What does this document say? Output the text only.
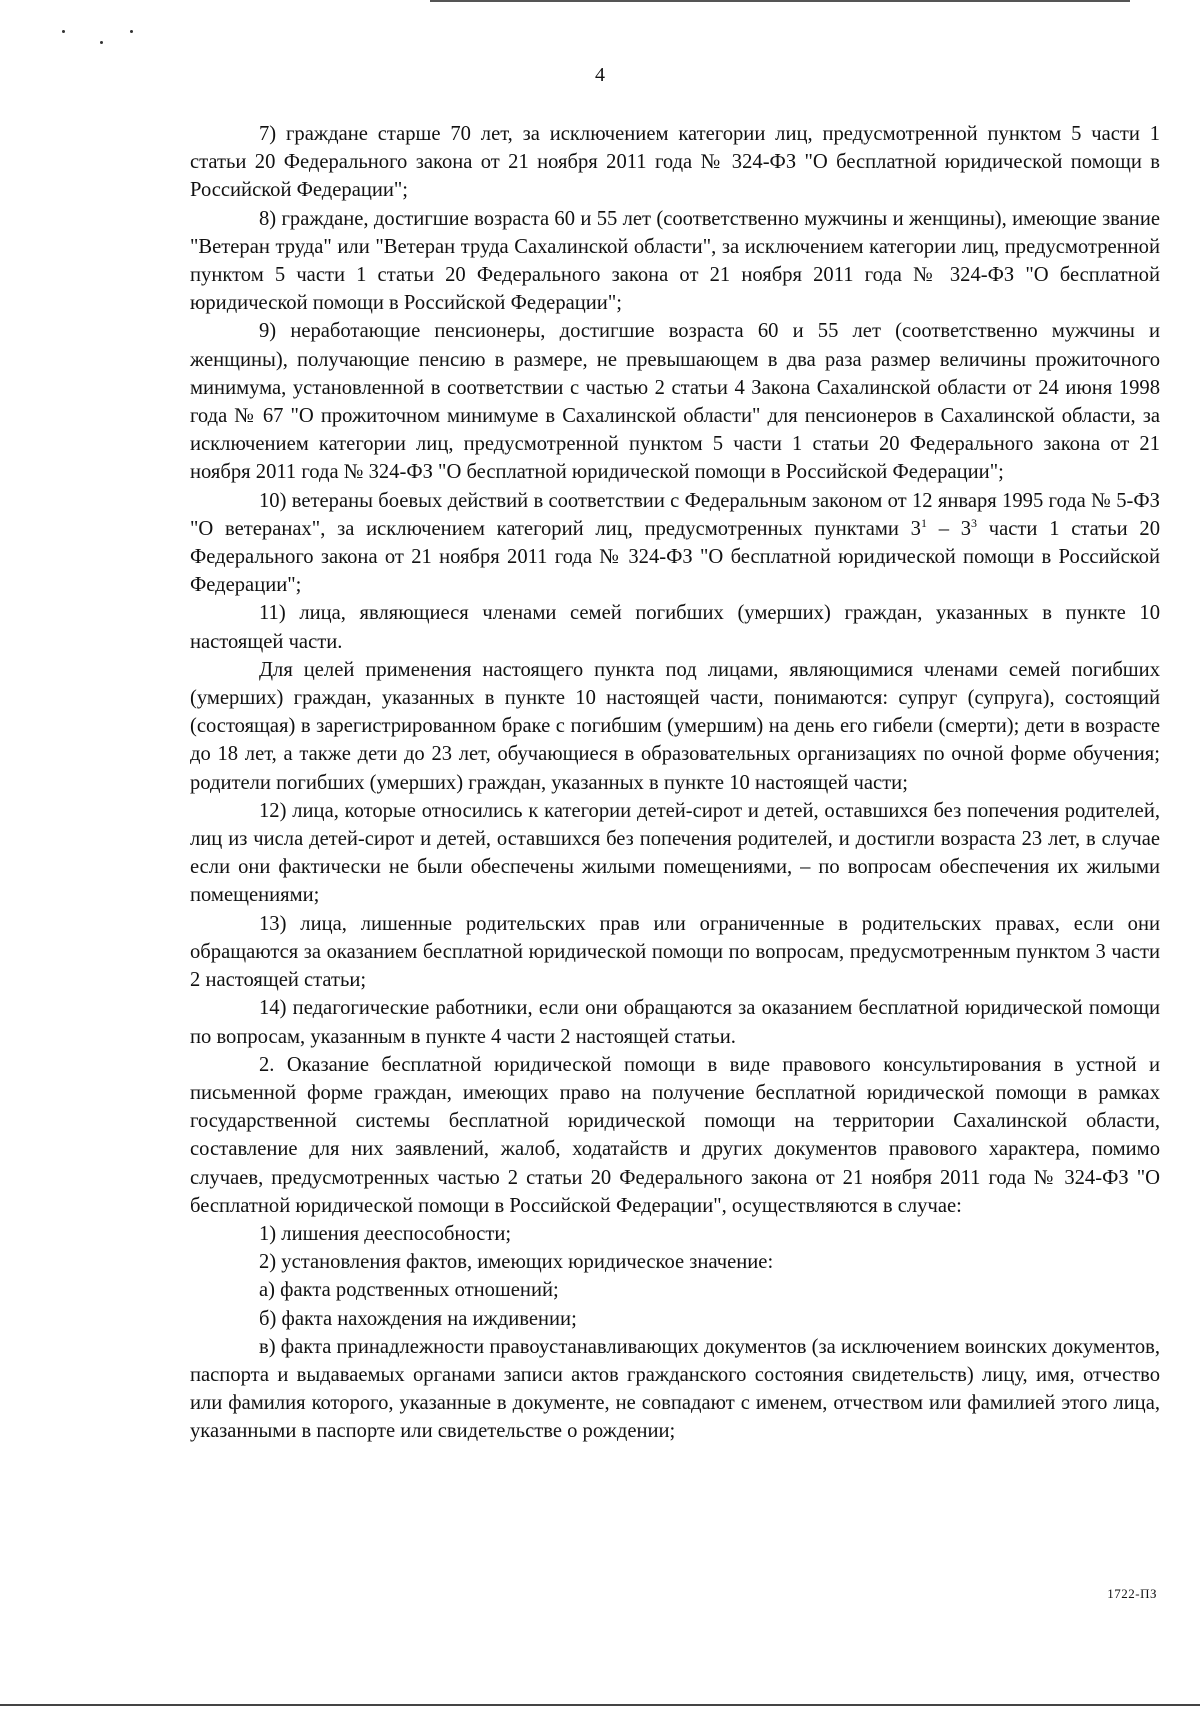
4

7) граждане старше 70 лет, за исключением категории лиц, предусмотренной пунктом 5 части 1 статьи 20 Федерального закона от 21 ноября 2011 года № 324-ФЗ "О бесплатной юридической помощи в Российской Федерации";

8) граждане, достигшие возраста 60 и 55 лет (соответственно мужчины и женщины), имеющие звание "Ветеран труда" или "Ветеран труда Сахалинской области", за исключением категории лиц, предусмотренной пунктом 5 части 1 статьи 20 Федерального закона от 21 ноября 2011 года № 324-ФЗ "О бесплатной юридической помощи в Российской Федерации";

9) неработающие пенсионеры, достигшие возраста 60 и 55 лет (соответственно мужчины и женщины), получающие пенсию в размере, не превышающем в два раза размер величины прожиточного минимума, установленной в соответствии с частью 2 статьи 4 Закона Сахалинской области от 24 июня 1998 года № 67 "О прожиточном минимуме в Сахалинской области" для пенсионеров в Сахалинской области, за исключением категории лиц, предусмотренной пунктом 5 части 1 статьи 20 Федерального закона от 21 ноября 2011 года № 324-ФЗ "О бесплатной юридической помощи в Российской Федерации";

10) ветераны боевых действий в соответствии с Федеральным законом от 12 января 1995 года № 5-ФЗ "О ветеранах", за исключением категорий лиц, предусмотренных пунктами $3^1 - 3^3$ части 1 статьи 20 Федерального закона от 21 ноября 2011 года № 324-ФЗ "О бесплатной юридической помощи в Российской Федерации";

11) лица, являющиеся членами семей погибших (умерших) граждан, указанных в пункте 10 настоящей части.

Для целей применения настоящего пункта под лицами, являющимися членами семей погибших (умерших) граждан, указанных в пункте 10 настоящей части, понимаются: супруг (супруга), состоящий (состоящая) в зарегистрированном браке с погибшим (умершим) на день его гибели (смерти); дети в возрасте до 18 лет, а также дети до 23 лет, обучающиеся в образовательных организациях по очной форме обучения; родители погибших (умерших) граждан, указанных в пункте 10 настоящей части;

12) лица, которые относились к категории детей-сирот и детей, оставшихся без попечения родителей, лиц из числа детей-сирот и детей, оставшихся без попечения родителей, и достигли возраста 23 лет, в случае если они фактически не были обеспечены жилыми помещениями, – по вопросам обеспечения их жилыми помещениями;

13) лица, лишенные родительских прав или ограниченные в родительских правах, если они обращаются за оказанием бесплатной юридической помощи по вопросам, предусмотренным пунктом 3 части 2 настоящей статьи;

14) педагогические работники, если они обращаются за оказанием бесплатной юридической помощи по вопросам, указанным в пункте 4 части 2 настоящей статьи.

2. Оказание бесплатной юридической помощи в виде правового консультирования в устной и письменной форме граждан, имеющих право на получение бесплатной юридической помощи в рамках государственной системы бесплатной юридической помощи на территории Сахалинской области, составление для них заявлений, жалоб, ходатайств и других документов правового характера, помимо случаев, предусмотренных частью 2 статьи 20 Федерального закона от 21 ноября 2011 года № 324-ФЗ "О бесплатной юридической помощи в Российской Федерации", осуществляются в случае:

1) лишения дееспособности;

2) установления фактов, имеющих юридическое значение:

а) факта родственных отношений;

б) факта нахождения на иждивении;

в) факта принадлежности правоустанавливающих документов (за исключением воинских документов, паспорта и выдаваемых органами записи актов гражданского состояния свидетельств) лицу, имя, отчество или фамилия которого, указанные в документе, не совпадают с именем, отчеством или фамилией этого лица, указанными в паспорте или свидетельстве о рождении;

1722-ПЗ
